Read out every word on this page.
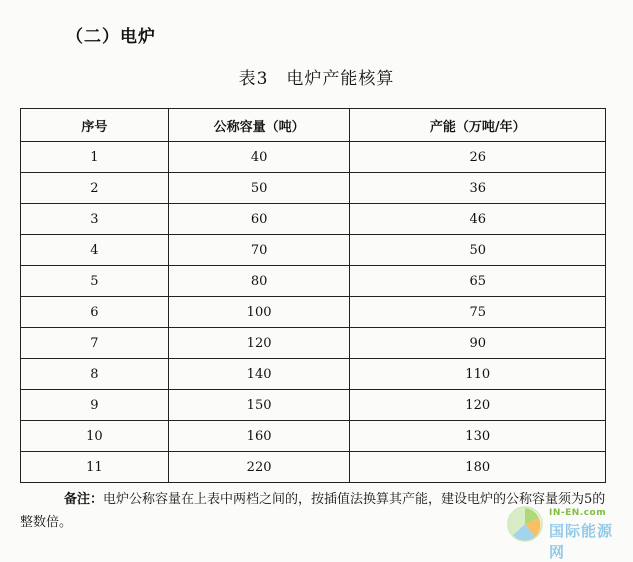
（二）电炉
表3　电炉产能核算
序号	公称容量（吨）	产能（万吨/年）
1	40	26
2	50	36
3	60	46
4	70	50
5	80	65
6	100	75
7	120	90
8	140	110
9	150	120
10	160	130
11	220	180
备注：电炉公称容量在上表中两档之间的，按插值法换算其产能，建设电炉的公称容量须为5的整数倍。
IN-EN.com
国际能源网
